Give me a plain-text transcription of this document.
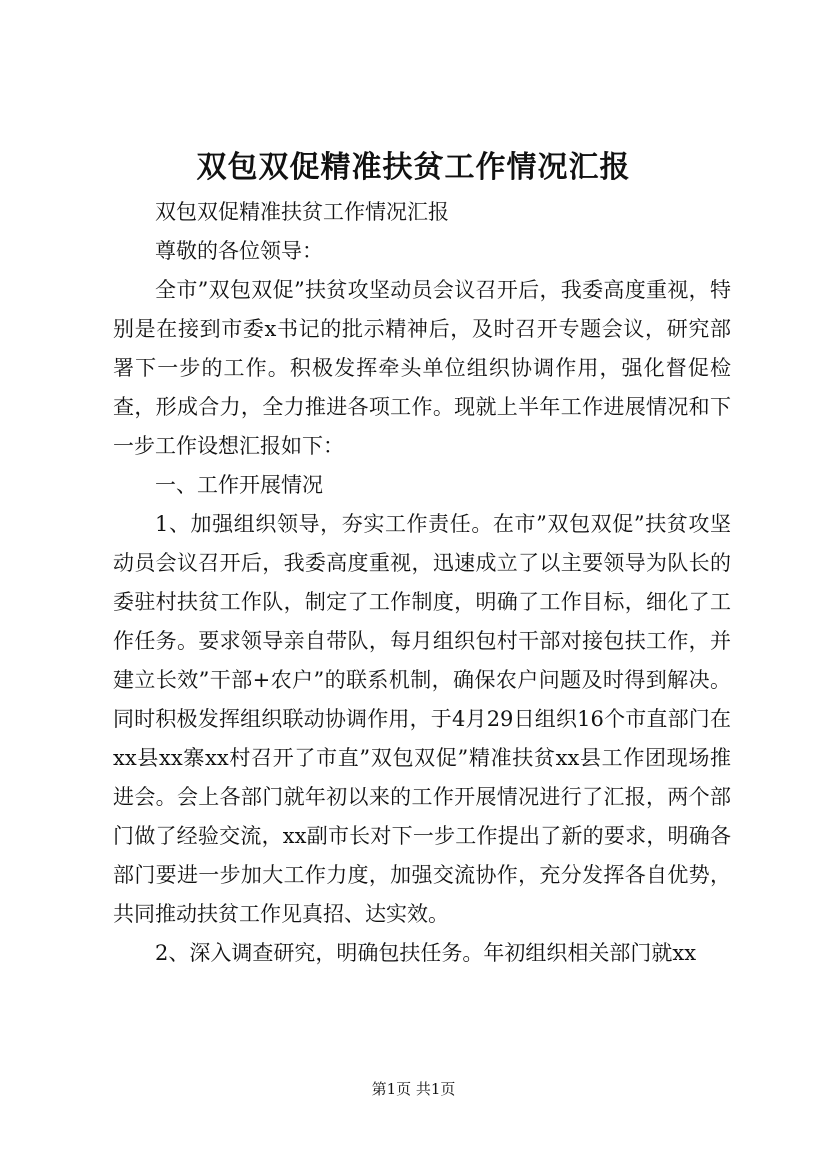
双包双促精准扶贫工作情况汇报

双包双促精准扶贫工作情况汇报

尊敬的各位领导：

全市”双包双促”扶贫攻坚动员会议召开后，我委高度重视，特别是在接到市委x书记的批示精神后，及时召开专题会议，研究部署下一步的工作。积极发挥牵头单位组织协调作用，强化督促检查，形成合力，全力推进各项工作。现就上半年工作进展情况和下一步工作设想汇报如下：

一、工作开展情况

1、加强组织领导，夯实工作责任。在市”双包双促”扶贫攻坚动员会议召开后，我委高度重视，迅速成立了以主要领导为队长的委驻村扶贫工作队，制定了工作制度，明确了工作目标，细化了工作任务。要求领导亲自带队，每月组织包村干部对接包扶工作，并建立长效”干部+农户”的联系机制，确保农户问题及时得到解决。同时积极发挥组织联动协调作用，于4月29日组织16个市直部门在xx县xx寨xx村召开了市直”双包双促”精准扶贫xx县工作团现场推进会。会上各部门就年初以来的工作开展情况进行了汇报，两个部门做了经验交流，xx副市长对下一步工作提出了新的要求，明确各部门要进一步加大工作力度，加强交流协作，充分发挥各自优势，共同推动扶贫工作见真招、达实效。

2、深入调查研究，明确包扶任务。年初组织相关部门就xx

第1页 共1页
